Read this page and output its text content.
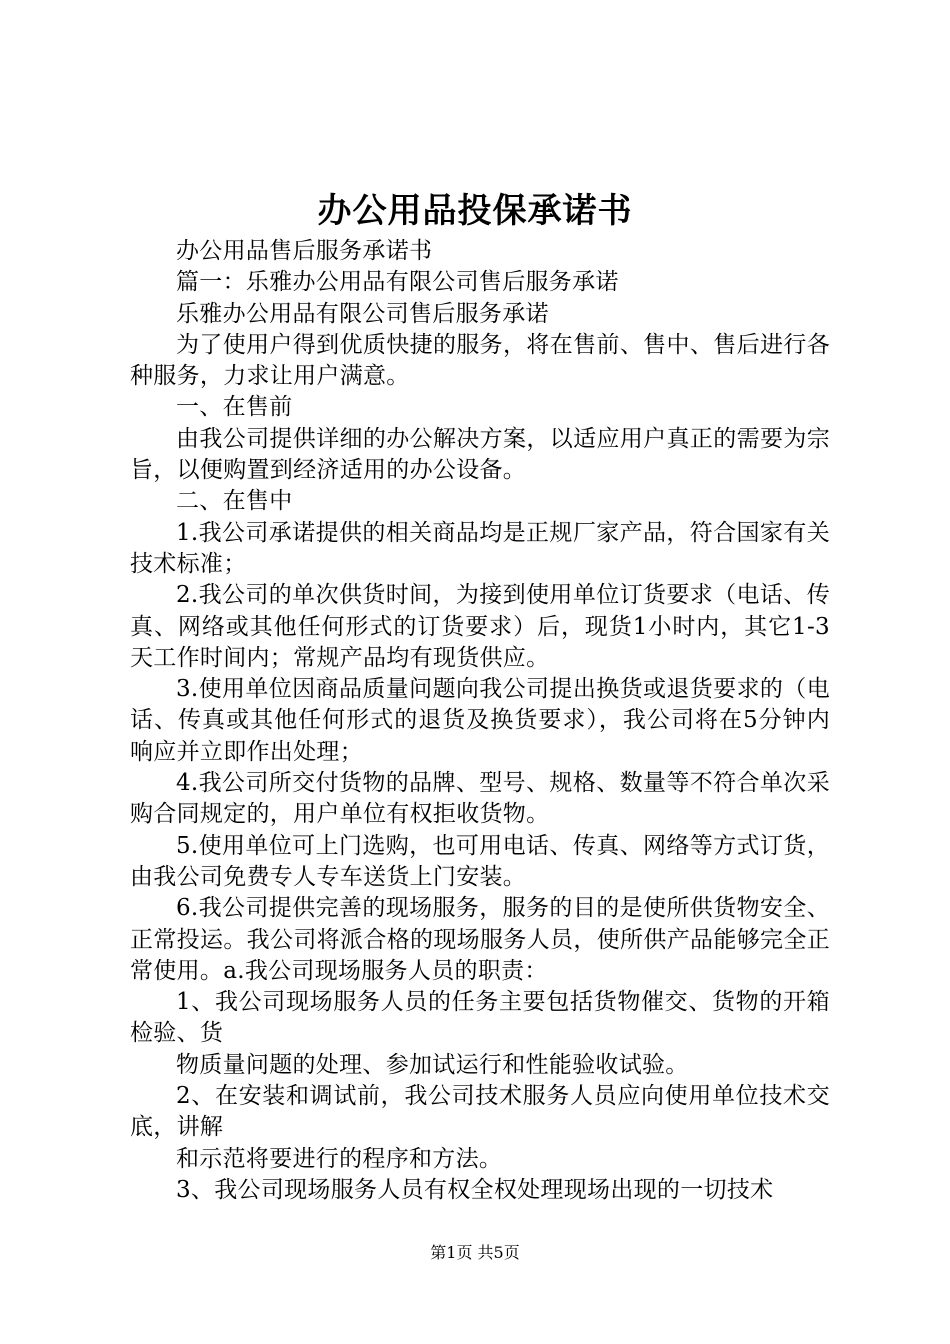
办公用品投保承诺书

办公用品售后服务承诺书

篇一：乐雅办公用品有限公司售后服务承诺

乐雅办公用品有限公司售后服务承诺

为了使用户得到优质快捷的服务，将在售前、售中、售后进行各种服务，力求让用户满意。

一、在售前

由我公司提供详细的办公解决方案，以适应用户真正的需要为宗旨，以便购置到经济适用的办公设备。

二、在售中

1.我公司承诺提供的相关商品均是正规厂家产品，符合国家有关技术标准；

2.我公司的单次供货时间，为接到使用单位订货要求（电话、传真、网络或其他任何形式的订货要求）后，现货1小时内，其它1-3天工作时间内；常规产品均有现货供应。

3.使用单位因商品质量问题向我公司提出换货或退货要求的（电话、传真或其他任何形式的退货及换货要求），我公司将在5分钟内响应并立即作出处理；

4.我公司所交付货物的品牌、型号、规格、数量等不符合单次采购合同规定的，用户单位有权拒收货物。

5.使用单位可上门选购，也可用电话、传真、网络等方式订货，由我公司免费专人专车送货上门安装。

6.我公司提供完善的现场服务，服务的目的是使所供货物安全、正常投运。我公司将派合格的现场服务人员，使所供产品能够完全正常使用。a.我公司现场服务人员的职责：

1、我公司现场服务人员的任务主要包括货物催交、货物的开箱检验、货

物质量问题的处理、参加试运行和性能验收试验。

2、在安装和调试前，我公司技术服务人员应向使用单位技术交底，讲解

和示范将要进行的程序和方法。

3、我公司现场服务人员有权全权处理现场出现的一切技术

第1页 共5页
